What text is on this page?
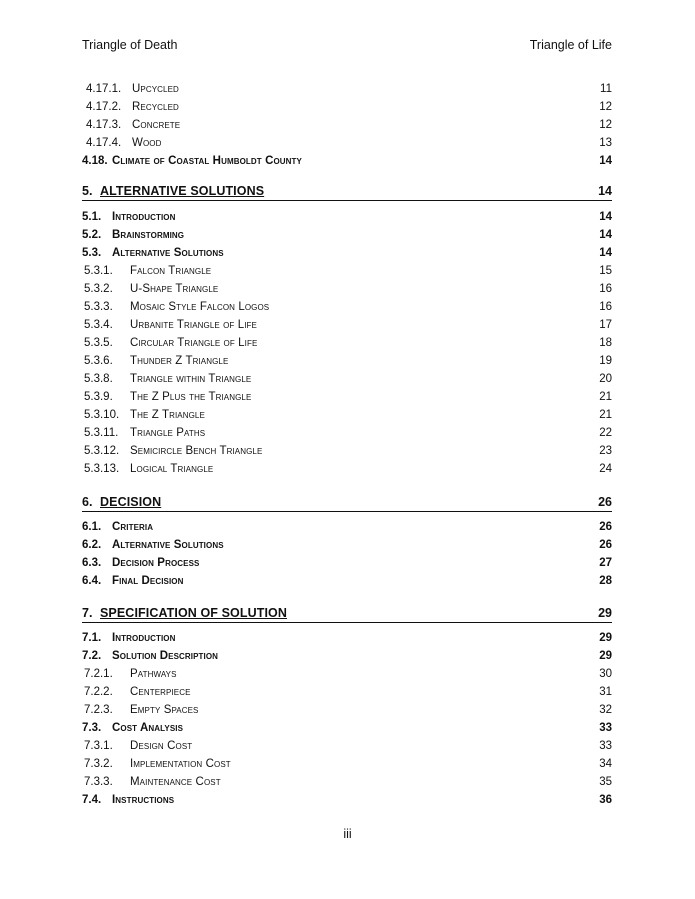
Triangle of Death	Triangle of Life
4.17.1. Upcycled	11
4.17.2. Recycled	12
4.17.3. Concrete	12
4.17.4. Wood	13
4.18. Climate of Coastal Humboldt County	14
5. ALTERNATIVE SOLUTIONS	14
5.1. Introduction	14
5.2. Brainstorming	14
5.3. Alternative Solutions	14
5.3.1.	Falcon Triangle	15
5.3.2.	U-Shape Triangle	16
5.3.3.	Mosaic Style Falcon Logos	16
5.3.4.	Urbanite Triangle of Life	17
5.3.5.	Circular Triangle of Life	18
5.3.6.	Thunder Z Triangle	19
5.3.8.	Triangle within Triangle	20
5.3.9.	The Z Plus the Triangle	21
5.3.10. The Z Triangle	21
5.3.11.	Triangle Paths	22
5.3.12. Semicircle Bench Triangle	23
5.3.13. Logical Triangle	24
6. DECISION	26
6.1. Criteria	26
6.2. Alternative Solutions	26
6.3. Decision Process	27
6.4. Final Decision	28
7. SPECIFICATION OF SOLUTION	29
7.1. Introduction	29
7.2. Solution Description	29
7.2.1.	Pathways	30
7.2.2.	Centerpiece	31
7.2.3.	Empty Spaces	32
7.3. Cost Analysis	33
7.3.1.	Design Cost	33
7.3.2.	Implementation Cost	34
7.3.3.	Maintenance Cost	35
7.4. Instructions	36
iii
